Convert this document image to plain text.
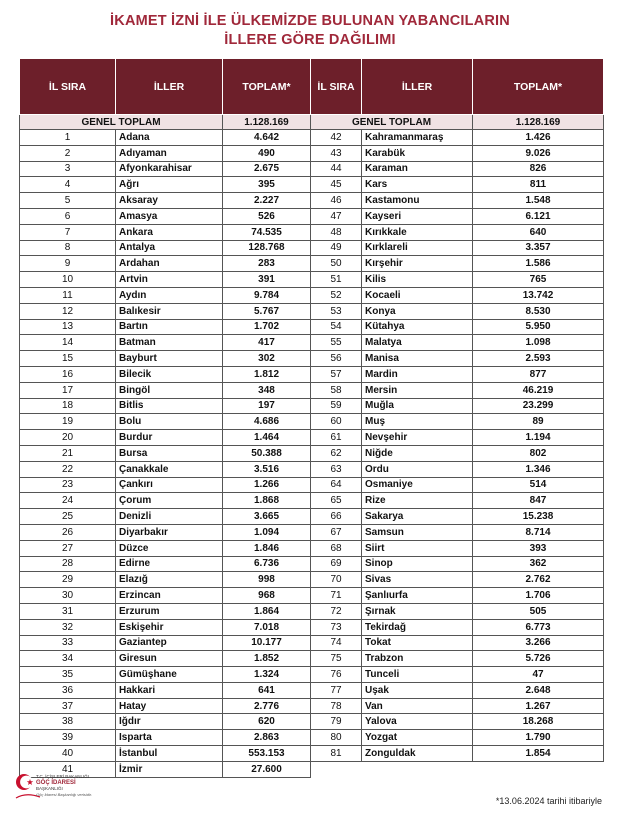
İKAMET İZNİ İLE ÜLKEMİZDE BULUNAN YABANCILARIN
İLLERE GÖRE DAĞILIMI
İL SIRA	İLLER	TOPLAM*	İL SIRA	İLLER	TOPLAM*
GENEL TOPLAM		1.128.169	GENEL TOPLAM		1.128.169
1	Adana	4.642	42	Kahramanmaraş	1.426
2	Adıyaman	490	43	Karabük	9.026
3	Afyonkarahisar	2.675	44	Karaman	826
4	Ağrı	395	45	Kars	811
5	Aksaray	2.227	46	Kastamonu	1.548
6	Amasya	526	47	Kayseri	6.121
7	Ankara	74.535	48	Kırıkkale	640
8	Antalya	128.768	49	Kırklareli	3.357
9	Ardahan	283	50	Kırşehir	1.586
10	Artvin	391	51	Kilis	765
11	Aydın	9.784	52	Kocaeli	13.742
12	Balıkesir	5.767	53	Konya	8.530
13	Bartın	1.702	54	Kütahya	5.950
14	Batman	417	55	Malatya	1.098
15	Bayburt	302	56	Manisa	2.593
16	Bilecik	1.812	57	Mardin	877
17	Bingöl	348	58	Mersin	46.219
18	Bitlis	197	59	Muğla	23.299
19	Bolu	4.686	60	Muş	89
20	Burdur	1.464	61	Nevşehir	1.194
21	Bursa	50.388	62	Niğde	802
22	Çanakkale	3.516	63	Ordu	1.346
23	Çankırı	1.266	64	Osmaniye	514
24	Çorum	1.868	65	Rize	847
25	Denizli	3.665	66	Sakarya	15.238
26	Diyarbakır	1.094	67	Samsun	8.714
27	Düzce	1.846	68	Siirt	393
28	Edirne	6.736	69	Sinop	362
29	Elazığ	998	70	Sivas	2.762
30	Erzincan	968	71	Şanlıurfa	1.706
31	Erzurum	1.864	72	Şırnak	505
32	Eskişehir	7.018	73	Tekirdağ	6.773
33	Gaziantep	10.177	74	Tokat	3.266
34	Giresun	1.852	75	Trabzon	5.726
35	Gümüşhane	1.324	76	Tunceli	47
36	Hakkari	641	77	Uşak	2.648
37	Hatay	2.776	78	Van	1.267
38	Iğdır	620	79	Yalova	18.268
39	Isparta	2.863	80	Yozgat	1.790
40	İstanbul	553.153	81	Zonguldak	1.854
41	İzmir	27.600			
T.C. İÇİŞLERİ BAKANLIĞI
GÖÇ İDARESİ
BAŞKANLIĞI
Göç İdaresi Başkanlığı verisidir.
*13.06.2024 tarihi itibariyle
